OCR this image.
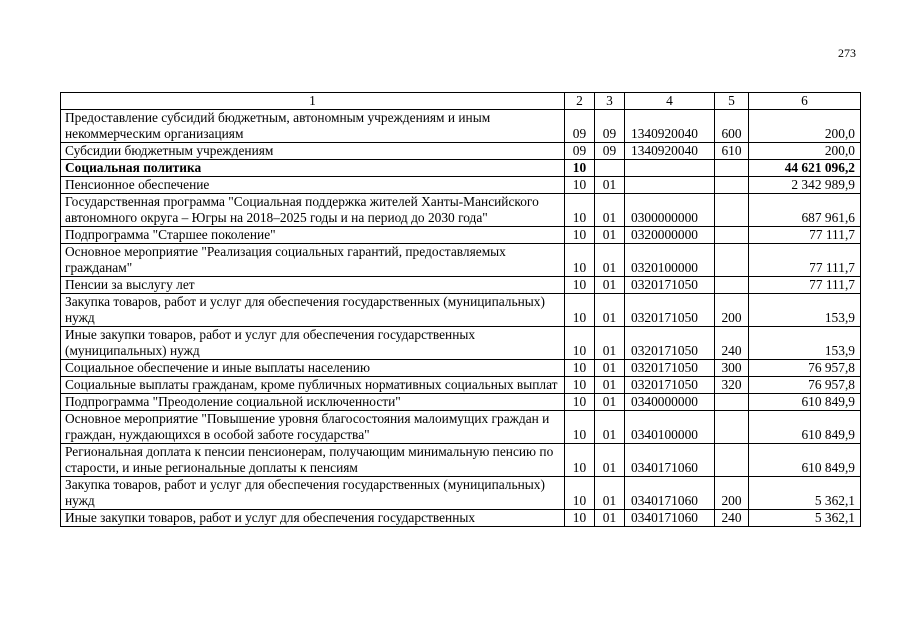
273
1	2	3	4	5	6
Предоставление субсидий бюджетным, автономным учреждениям и иным некоммерческим организациям	09	09	1340920040	600	200,0
Субсидии бюджетным учреждениям	09	09	1340920040	610	200,0
Социальная политика	10				44 621 096,2
Пенсионное обеспечение	10	01			2 342 989,9
Государственная программа "Социальная поддержка жителей Ханты-Мансийского автономного округа – Югры на 2018–2025 годы и на период до 2030 года"	10	01	0300000000		687 961,6
Подпрограмма "Старшее поколение"	10	01	0320000000		77 111,7
Основное мероприятие "Реализация социальных гарантий, предоставляемых гражданам"	10	01	0320100000		77 111,7
Пенсии за выслугу лет	10	01	0320171050		77 111,7
Закупка товаров, работ и услуг для обеспечения государственных (муниципальных) нужд	10	01	0320171050	200	153,9
Иные закупки товаров, работ и услуг для обеспечения государственных (муниципальных) нужд	10	01	0320171050	240	153,9
Социальное обеспечение и иные выплаты населению	10	01	0320171050	300	76 957,8
Социальные выплаты гражданам, кроме публичных нормативных социальных выплат	10	01	0320171050	320	76 957,8
Подпрограмма "Преодоление социальной исключенности"	10	01	0340000000		610 849,9
Основное мероприятие "Повышение уровня благосостояния малоимущих граждан и граждан, нуждающихся в особой заботе государства"	10	01	0340100000		610 849,9
Региональная доплата к пенсии пенсионерам, получающим минимальную пенсию по старости, и иные региональные доплаты к пенсиям	10	01	0340171060		610 849,9
Закупка товаров, работ и услуг для обеспечения государственных (муниципальных) нужд	10	01	0340171060	200	5 362,1
Иные закупки товаров, работ и услуг для обеспечения государственных	10	01	0340171060	240	5 362,1
